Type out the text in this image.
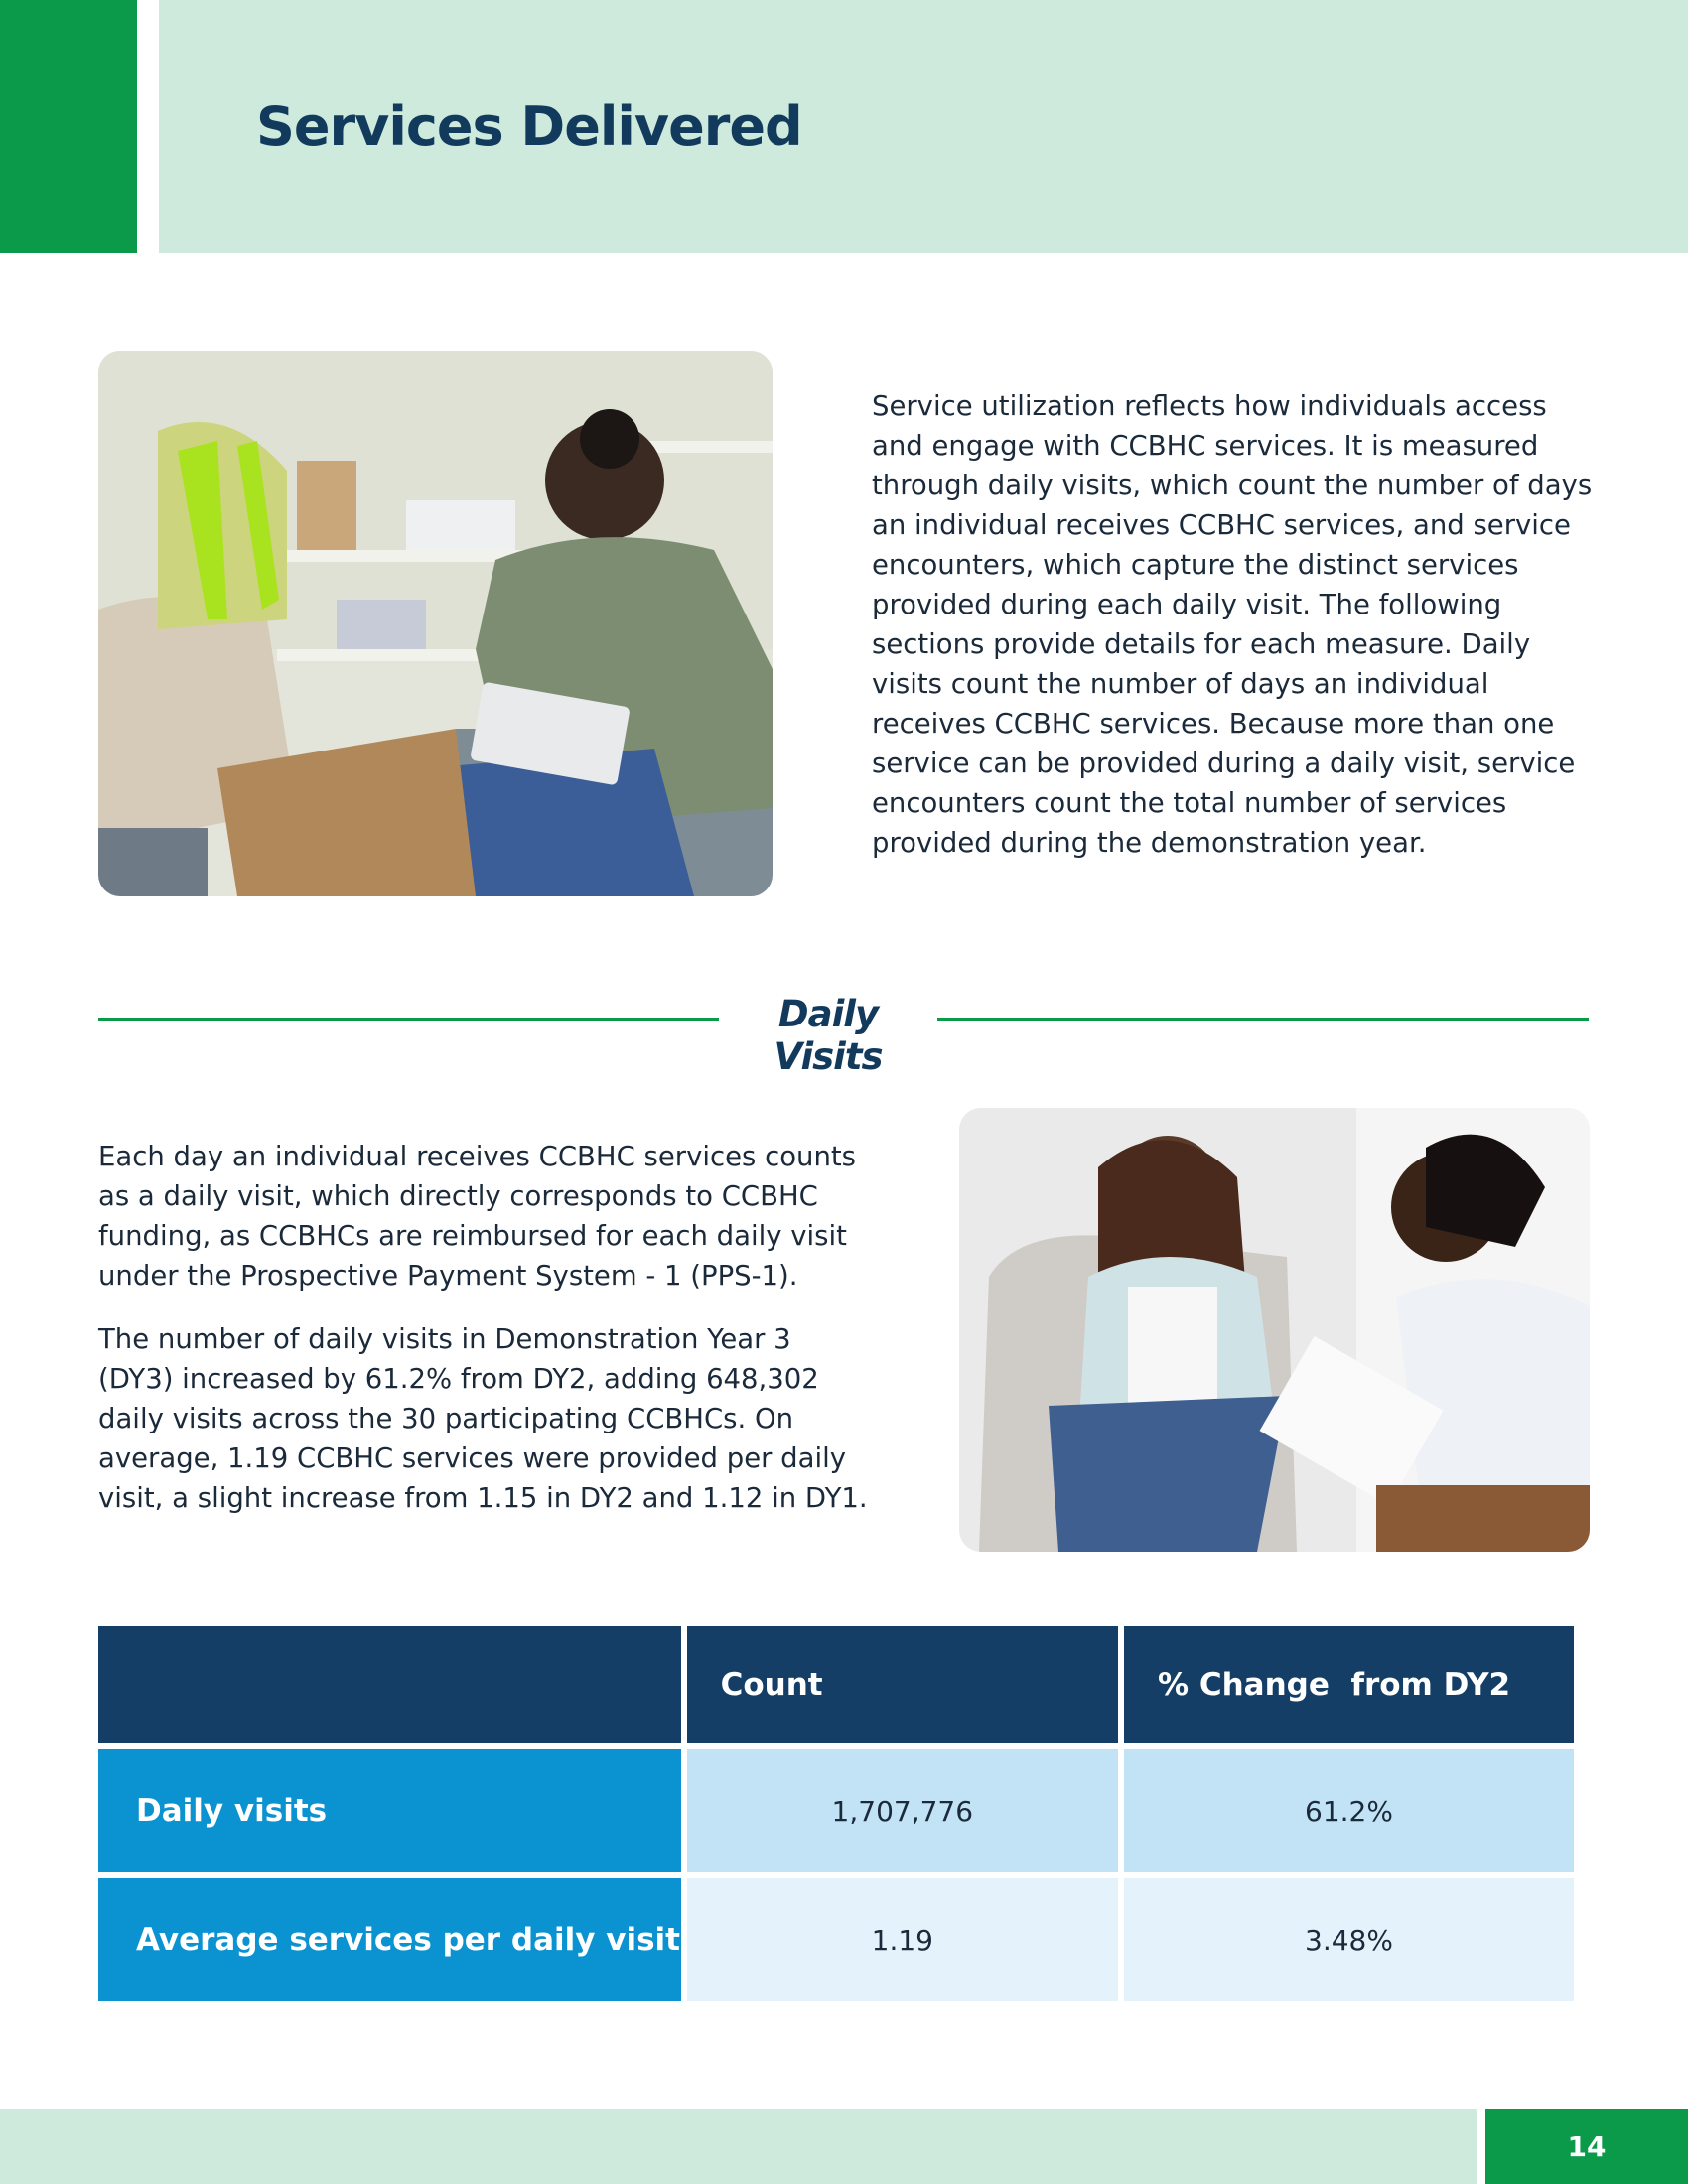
Services Delivered

Service utilization reflects how individuals access and engage with CCBHC services. It is measured through daily visits, which count the number of days an individual receives CCBHC services, and service encounters, which capture the distinct services provided during each daily visit. The following sections provide details for each measure. Daily visits count the number of days an individual receives CCBHC services. Because more than one service can be provided during a daily visit, service encounters count the total number of services provided during the demonstration year.

Daily Visits

Each day an individual receives CCBHC services counts as a daily visit, which directly corresponds to CCBHC funding, as CCBHCs are reimbursed for each daily visit under the Prospective Payment System - 1 (PPS-1).

The number of daily visits in Demonstration Year 3 (DY3) increased by 61.2% from DY2, adding 648,302 daily visits across the 30 participating CCBHCs. On average, 1.19 CCBHC services were provided per daily visit, a slight increase from 1.15 in DY2 and 1.12 in DY1.

	Count	% Change  from DY2
Daily visits	1,707,776	61.2%
Average services per daily visit	1.19	3.48%
14
